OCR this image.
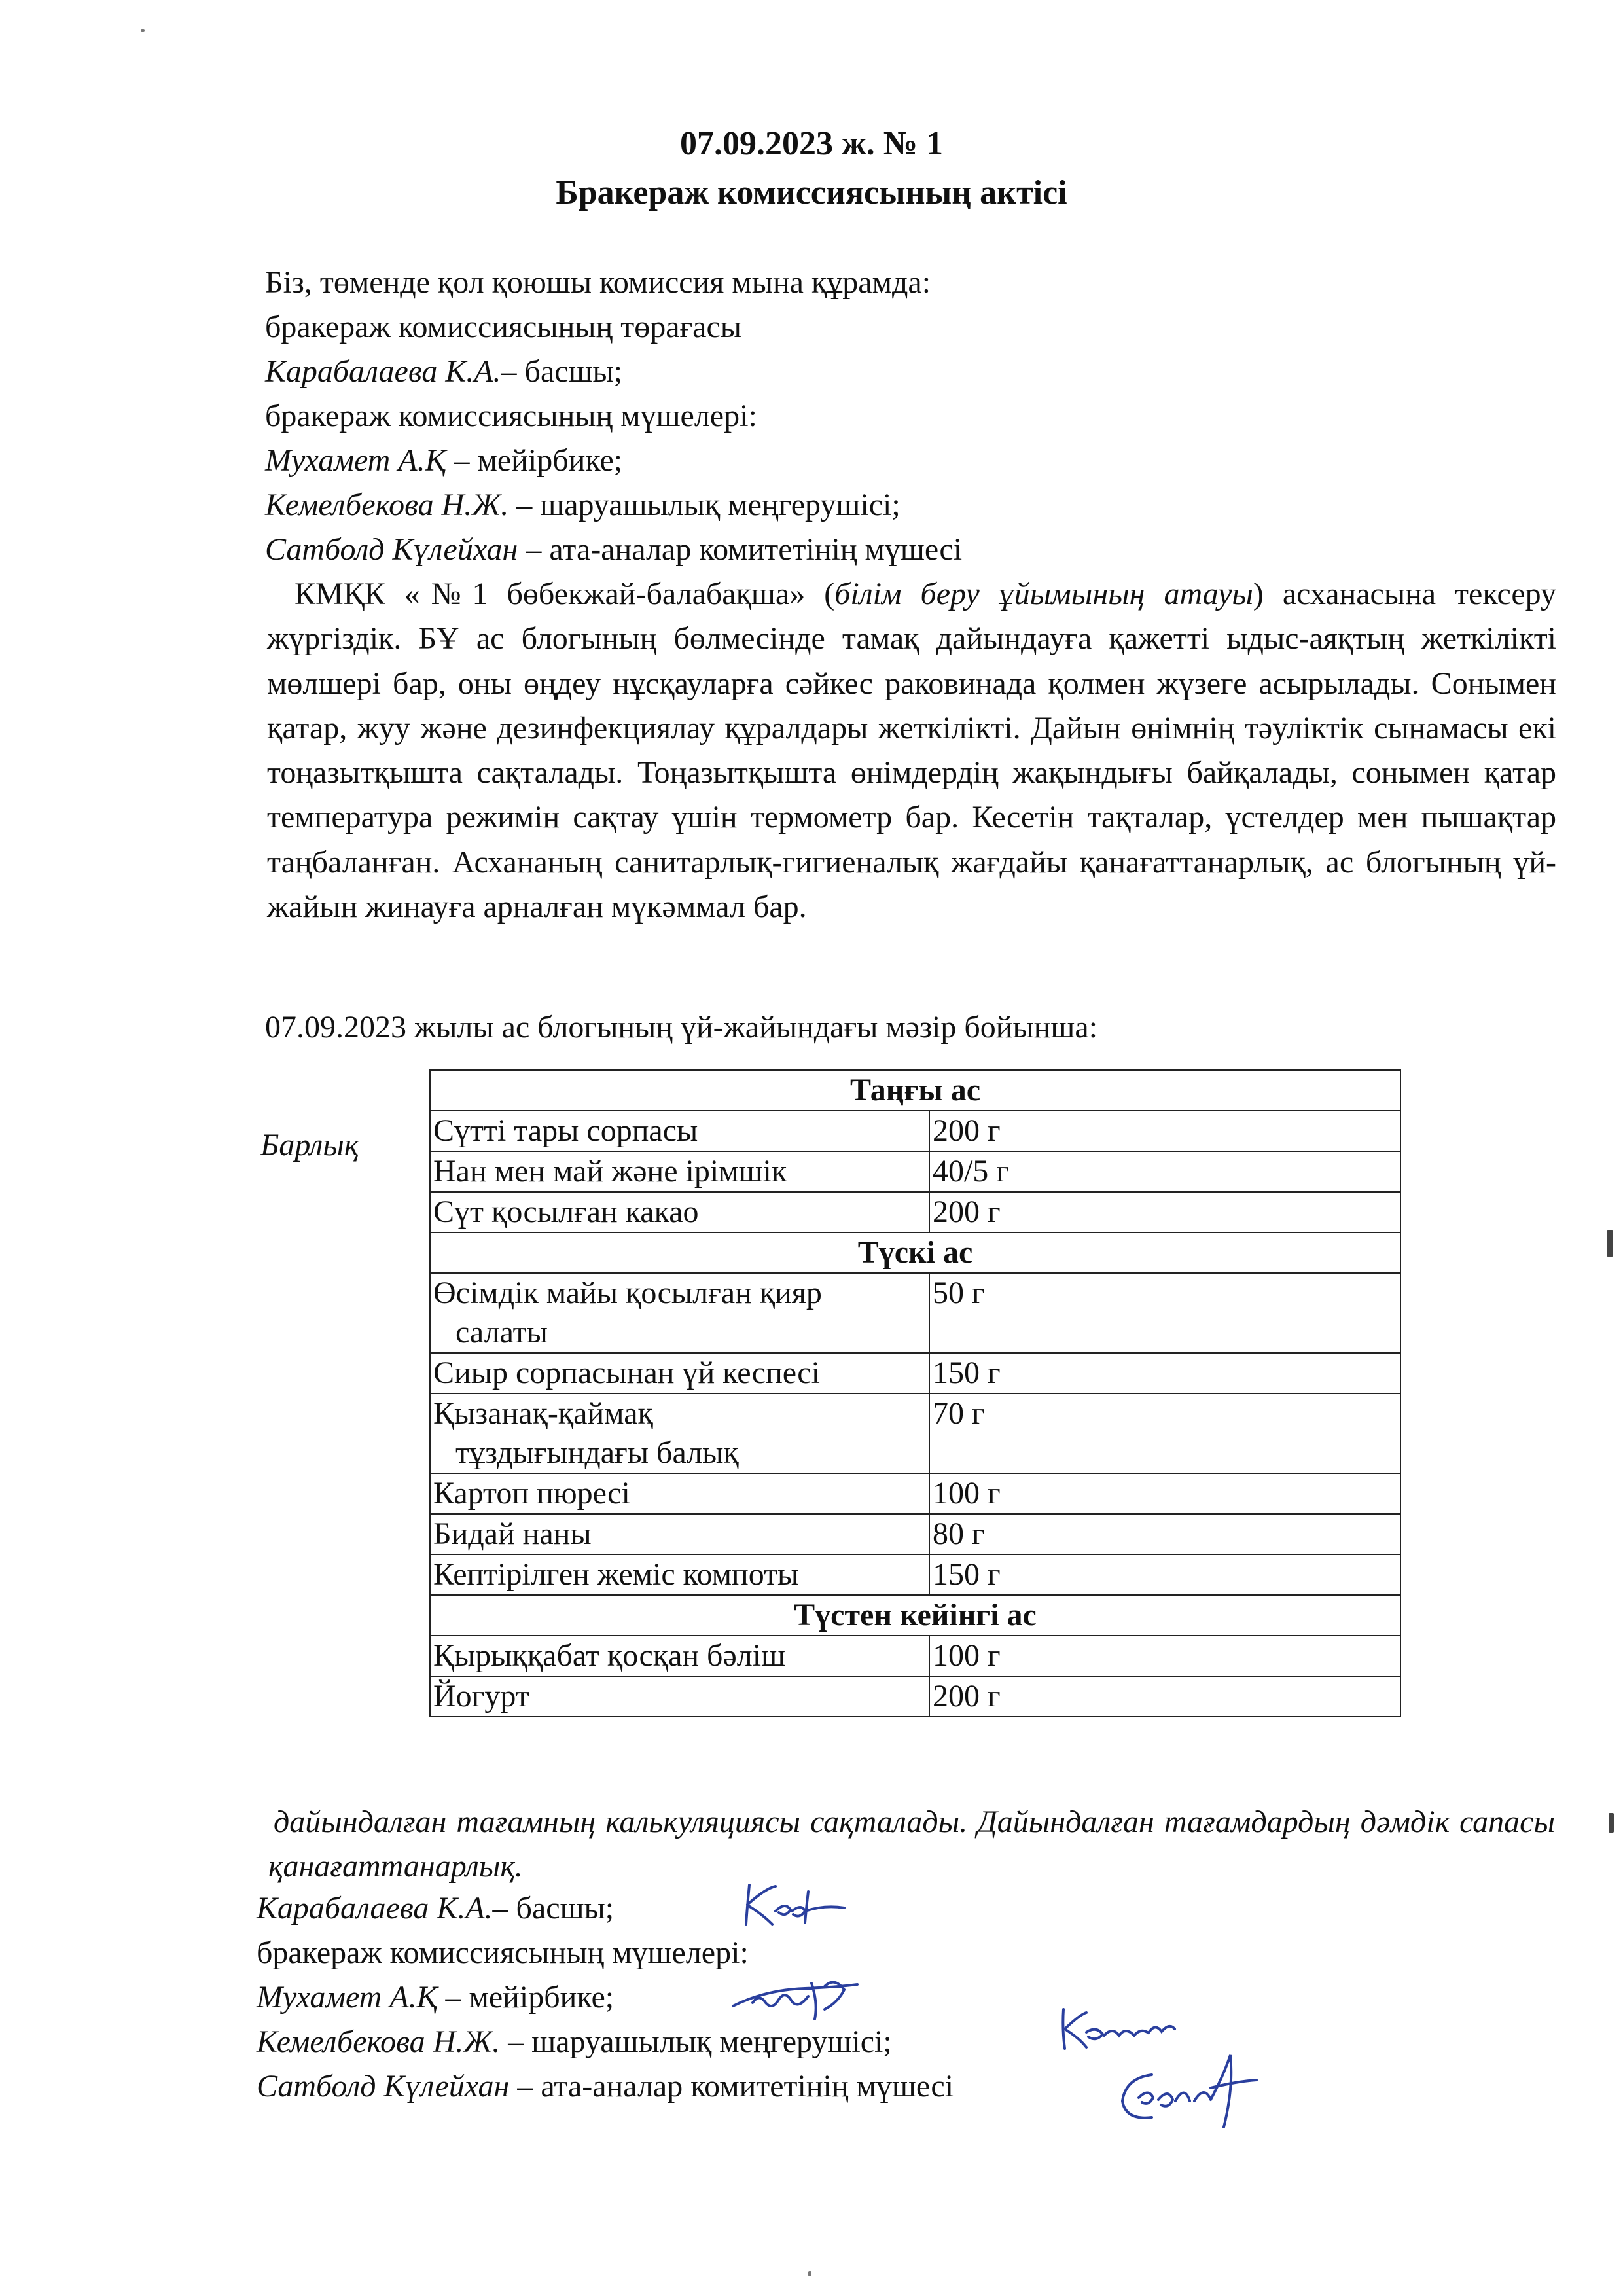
07.09.2023 ж. № 1
Бракераж комиссиясының актісі
Біз, төменде қол қоюшы комиссия мына құрамда:
бракераж комиссиясының төрағасы
Карабалаева К.А.– басшы;
бракераж комиссиясының мүшелері:
Мухамет А.Қ – мейірбике;
Кемелбекова Н.Ж. – шаруашылық меңгерушісі;
Сатболд Күлейхан – ата-аналар комитетінің мүшесі
КМҚК «№1 бөбекжай-балабақша» (білім беру ұйымының атауы) асханасына тексеру жүргіздік. БҰ ас блогының бөлмесінде тамақ дайындауға қажетті ыдыс-аяқтың жеткілікті мөлшері бар, оны өңдеу нұсқауларға сәйкес раковинада қолмен жүзеге асырылады. Сонымен қатар, жуу және дезинфекциялау құралдары жеткілікті. Дайын өнімнің тәуліктік сынамасы екі тоңазытқышта сақталады. Тоңазытқышта өнімдердің жақындығы байқалады, сонымен қатар температура режимін сақтау үшін термометр бар. Кесетін тақталар, үстелдер мен пышақтар таңбаланған. Асхананың санитарлық-гигиеналық жағдайы қанағаттанарлық, ас блогының үй-жайын жинауға арналған мүкәммал бар.
07.09.2023 жылы ас блогының үй-жайындағы мәзір бойынша:
Барлық
Таңғы ас	
Сүтті тары сорпасы	200 г
Нан мен май және ірімшік	40/5 г
Сүт қосылған какао	200 г
Түскі ас	

Өсімдік майы қосылған қияр
салаты	50 г
Сиыр сорпасынан үй кеспесі	150 г

Қызанақ-қаймақ
тұздығындағы балық	70 г
Картоп пюресі	100 г
Бидай наны	80 г
Кептірілген жеміс компоты	150 г
Түстен кейінгі ас	
Қырыққабат қосқан бәліш	100 г
Йогурт	200 г
дайындалған тағамның калькуляциясы сақталады. Дайындалған тағамдардың дәмдік сапасы қанағаттанарлық.
Карабалаева К.А.– басшы;
бракераж комиссиясының мүшелері:
Мухамет А.Қ – мейірбике;
Кемелбекова Н.Ж. – шаруашылық меңгерушісі;
Сатболд Күлейхан – ата-аналар комитетінің мүшесі
